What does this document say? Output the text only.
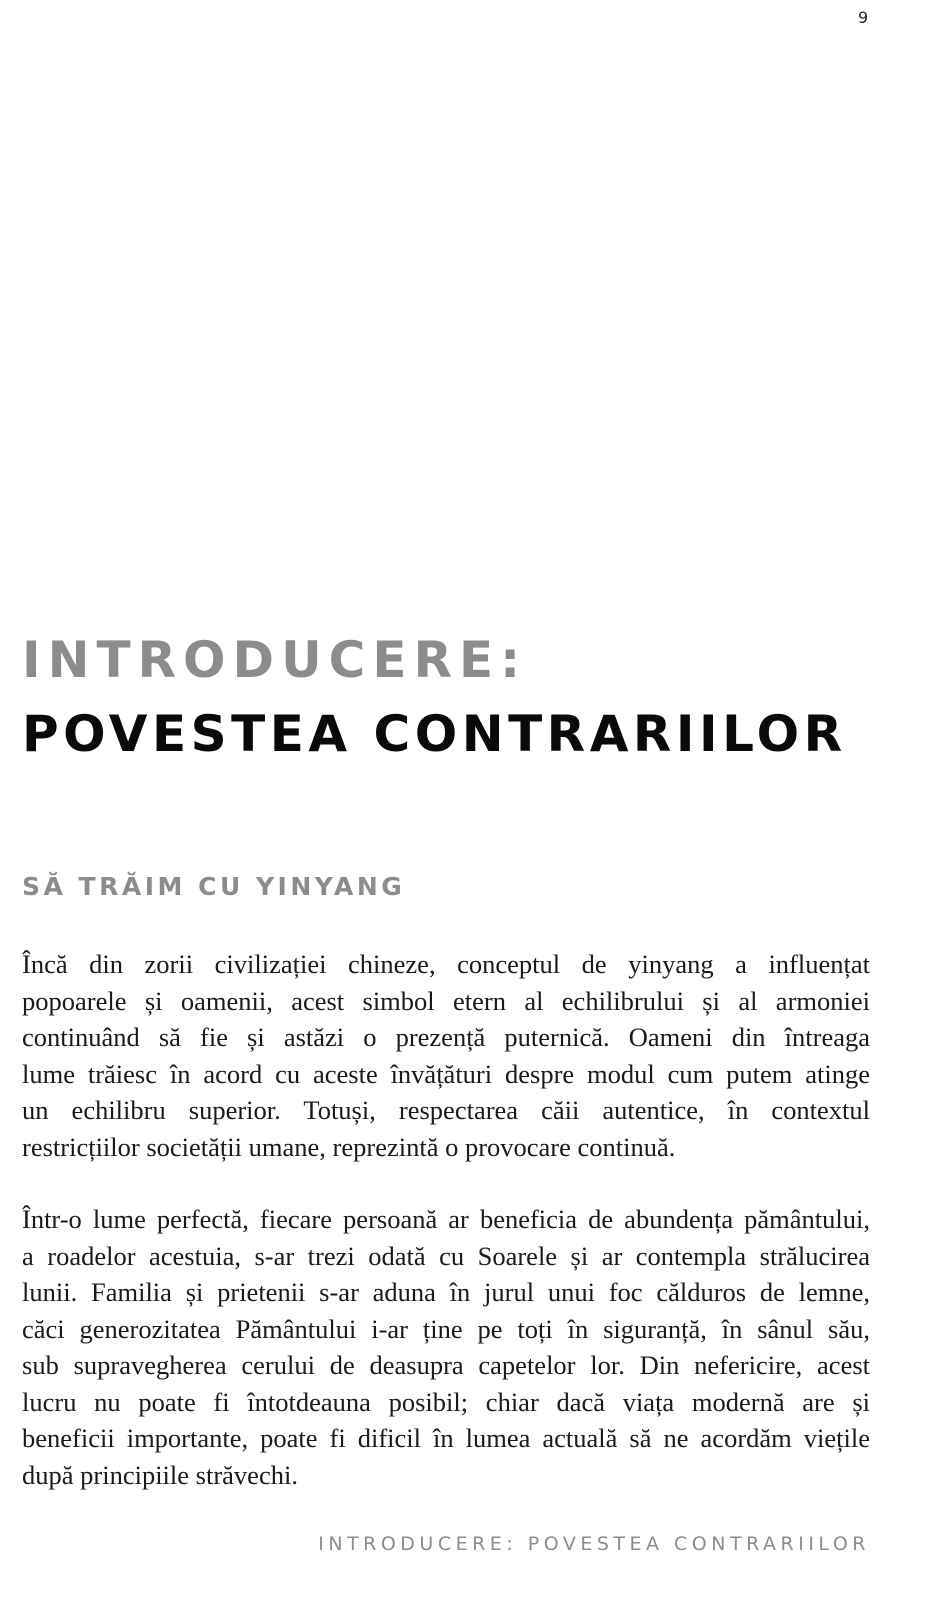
9
INTRODUCERE:
POVESTEA CONTRARIILOR
SĂ TRĂIM CU YINYANG
Încă din zorii civilizației chineze, conceptul de yinyang a influențat
popoarele și oamenii, acest simbol etern al echilibrului și al armoniei
continuând să fie și astăzi o prezență puternică. Oameni din întreaga
lume trăiesc în acord cu aceste învățături despre modul cum putem atinge
un echilibru superior. Totuși, respectarea căii autentice, în contextul
restricțiilor societății umane, reprezintă o provocare continuă.
Într-o lume perfectă, fiecare persoană ar beneficia de abundența pământului,
a roadelor acestuia, s-ar trezi odată cu Soarele și ar contempla strălucirea
lunii. Familia și prietenii s-ar aduna în jurul unui foc călduros de lemne,
căci generozitatea Pământului i-ar ține pe toți în siguranță, în sânul său,
sub supravegherea cerului de deasupra capetelor lor. Din nefericire, acest
lucru nu poate fi întotdeauna posibil; chiar dacă viața modernă are și
beneficii importante, poate fi dificil în lumea actuală să ne acordăm viețile
după principiile străvechi.
INTRODUCERE: POVESTEA CONTRARIILOR
